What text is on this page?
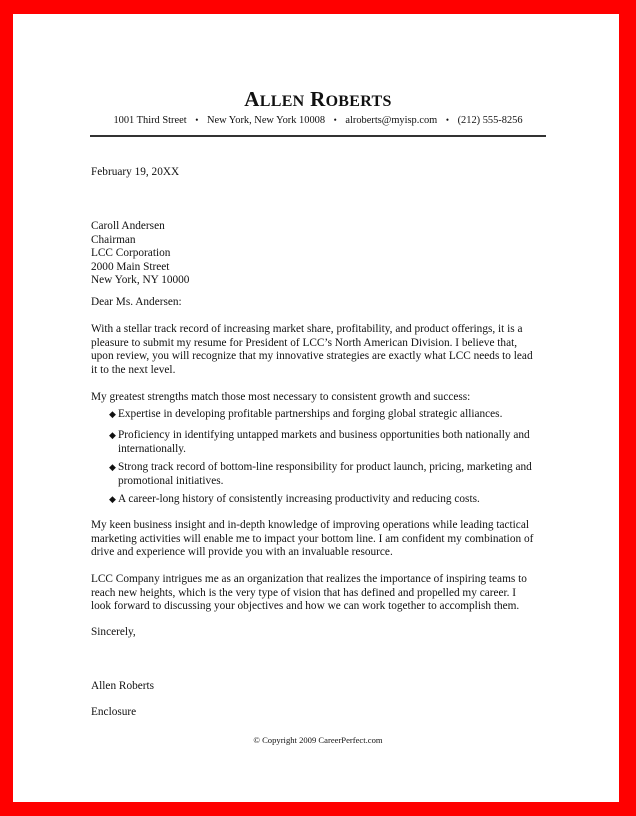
ALLEN ROBERTS
1001 Third Street • New York, New York 10008 • alroberts@myisp.com • (212) 555-8256
February 19, 20XX
Caroll Andersen
Chairman
LCC Corporation
2000 Main Street
New York, NY 10000
Dear Ms. Andersen:
With a stellar track record of increasing market share, profitability, and product offerings, it is a
pleasure to submit my resume for President of LCC’s North American Division. I believe that,
upon review, you will recognize that my innovative strategies are exactly what LCC needs to lead
it to the next level.
My greatest strengths match those most necessary to consistent growth and success:
◆ Expertise in developing profitable partnerships and forging global strategic alliances.
◆ Proficiency in identifying untapped markets and business opportunities both nationally and
internationally.
◆ Strong track record of bottom-line responsibility for product launch, pricing, marketing and
promotional initiatives.
◆ A career-long history of consistently increasing productivity and reducing costs.
My keen business insight and in-depth knowledge of improving operations while leading tactical
marketing activities will enable me to impact your bottom line. I am confident my combination of
drive and experience will provide you with an invaluable resource.
LCC Company intrigues me as an organization that realizes the importance of inspiring teams to
reach new heights, which is the very type of vision that has defined and propelled my career. I
look forward to discussing your objectives and how we can work together to accomplish them.
Sincerely,
Allen Roberts
Enclosure
© Copyright 2009 CareerPerfect.com
